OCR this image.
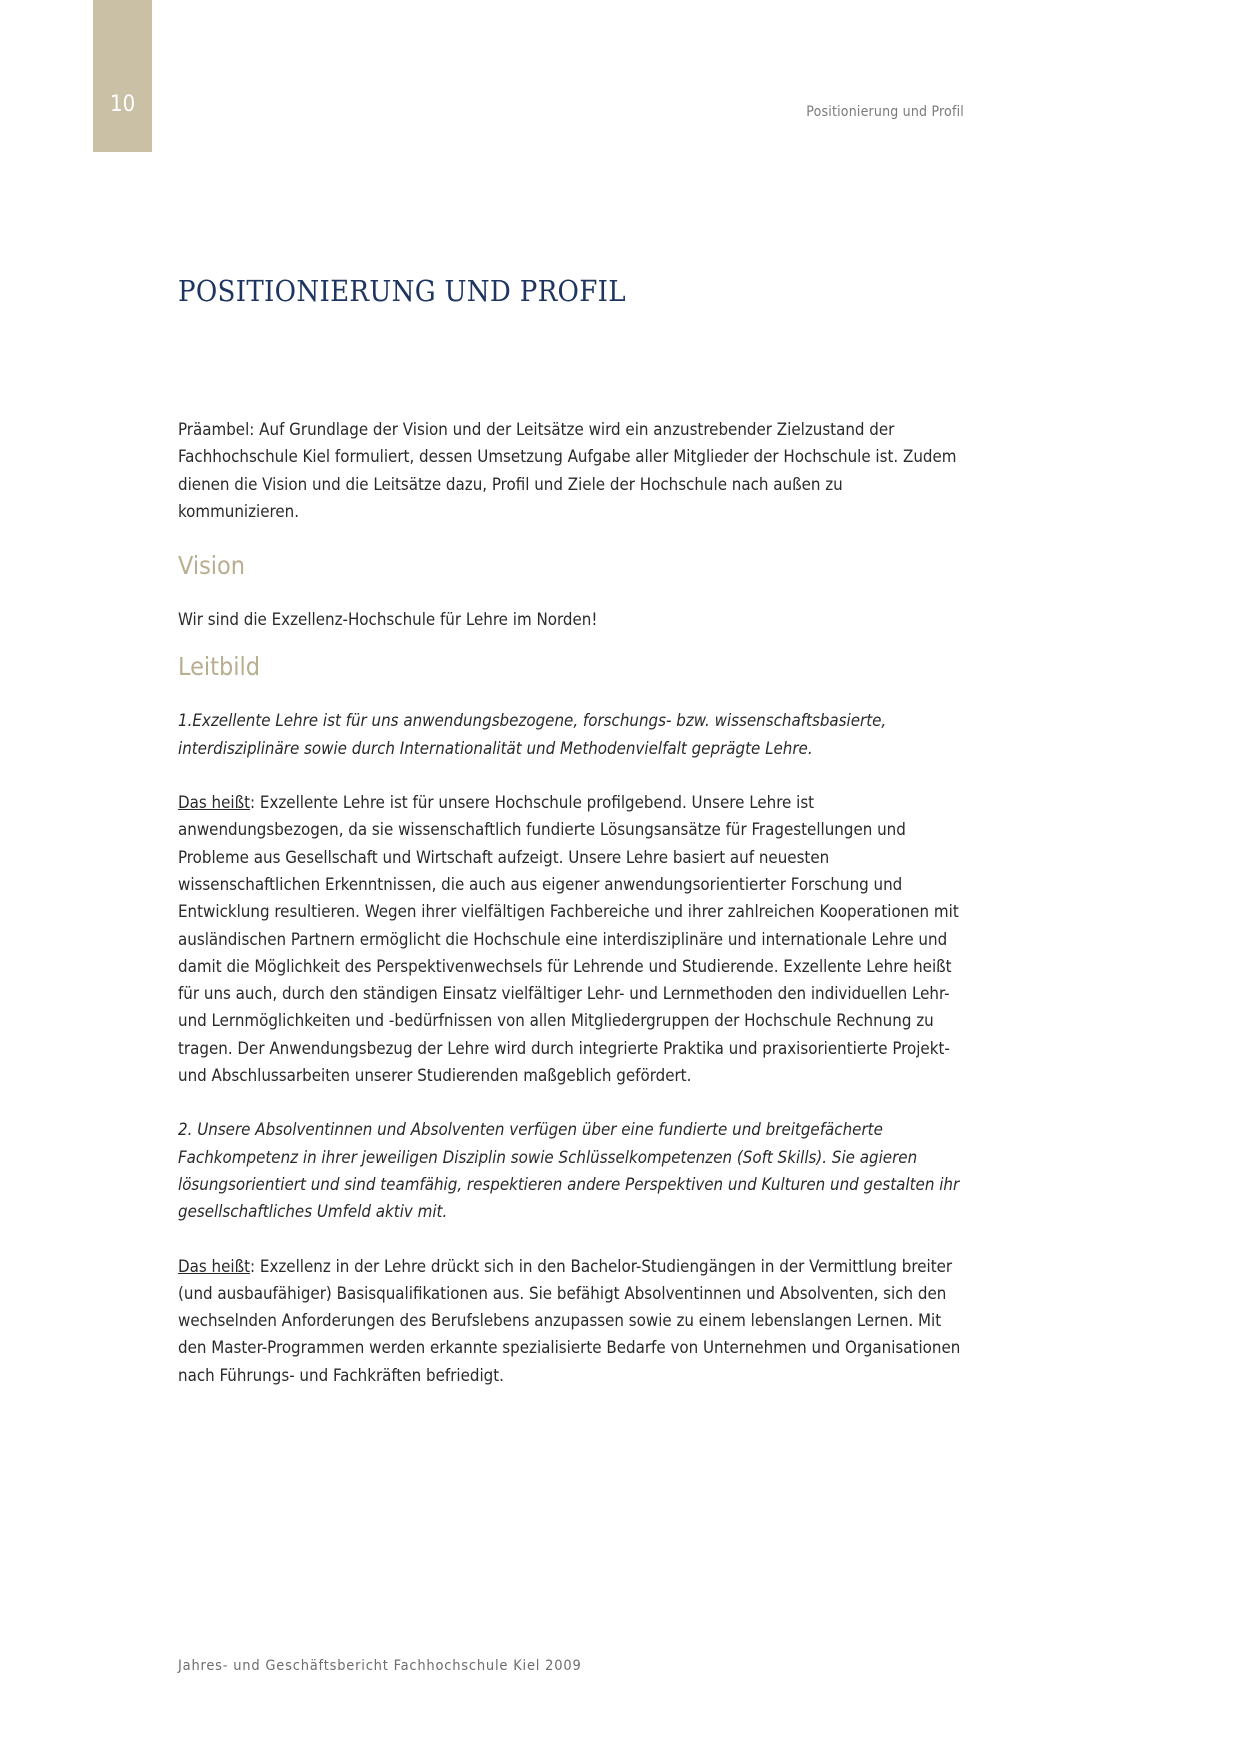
10	Positionierung und Profil
POSITIONIERUNG UND PROFIL

Präambel: Auf Grundlage der Vision und der Leitsätze wird ein anzustrebender Zielzustand der Fachhochschule Kiel formuliert, dessen Umsetzung Aufgabe aller Mitglieder der Hochschule ist. Zudem dienen die Vision und die Leitsätze dazu, Profil und Ziele der Hochschule nach außen zu kommunizieren.

Vision

Wir sind die Exzellenz-Hochschule für Lehre im Norden!

Leitbild

1.Exzellente Lehre ist für uns anwendungsbezogene, forschungs- bzw. wissenschaftsbasierte, interdisziplinäre sowie durch Internationalität und Methodenvielfalt geprägte Lehre.

Das heißt: Exzellente Lehre ist für unsere Hochschule profilgebend. Unsere Lehre ist anwendungsbezogen, da sie wissenschaftlich fundierte Lösungsansätze für Fragestellungen und Probleme aus Gesellschaft und Wirtschaft aufzeigt. Unsere Lehre basiert auf neuesten wissenschaftlichen Erkenntnissen, die auch aus eigener anwendungsorientierter Forschung und Entwicklung resultieren. Wegen ihrer vielfältigen Fachbereiche und ihrer zahlreichen Kooperationen mit ausländischen Partnern ermöglicht die Hochschule eine interdisziplinäre und internationale Lehre und damit die Möglichkeit des Perspektivenwechsels für Lehrende und Studierende. Exzellente Lehre heißt für uns auch, durch den ständigen Einsatz vielfältiger Lehr- und Lernmethoden den individuellen Lehr- und Lernmöglichkeiten und -bedürfnissen von allen Mitgliedergruppen der Hochschule Rechnung zu tragen. Der Anwendungsbezug der Lehre wird durch integrierte Praktika und praxisorientierte Projekt- und Abschlussarbeiten unserer Studierenden maßgeblich gefördert.

2. Unsere Absolventinnen und Absolventen verfügen über eine fundierte und breitgefächerte Fachkompetenz in ihrer jeweiligen Disziplin sowie Schlüsselkompetenzen (Soft Skills). Sie agieren lösungsorientiert und sind teamfähig, respektieren andere Perspektiven und Kulturen und gestalten ihr gesellschaftliches Umfeld aktiv mit.

Das heißt: Exzellenz in der Lehre drückt sich in den Bachelor-Studiengängen in der Vermittlung breiter (und ausbaufähiger) Basisqualifikationen aus. Sie befähigt Absolventinnen und Absolventen, sich den wechselnden Anforderungen des Berufslebens anzupassen sowie zu einem lebenslangen Lernen. Mit den Master-Programmen werden erkannte spezialisierte Bedarfe von Unternehmen und Organisationen nach Führungs- und Fachkräften befriedigt.

Jahres- und Geschäftsbericht Fachhochschule Kiel 2009
